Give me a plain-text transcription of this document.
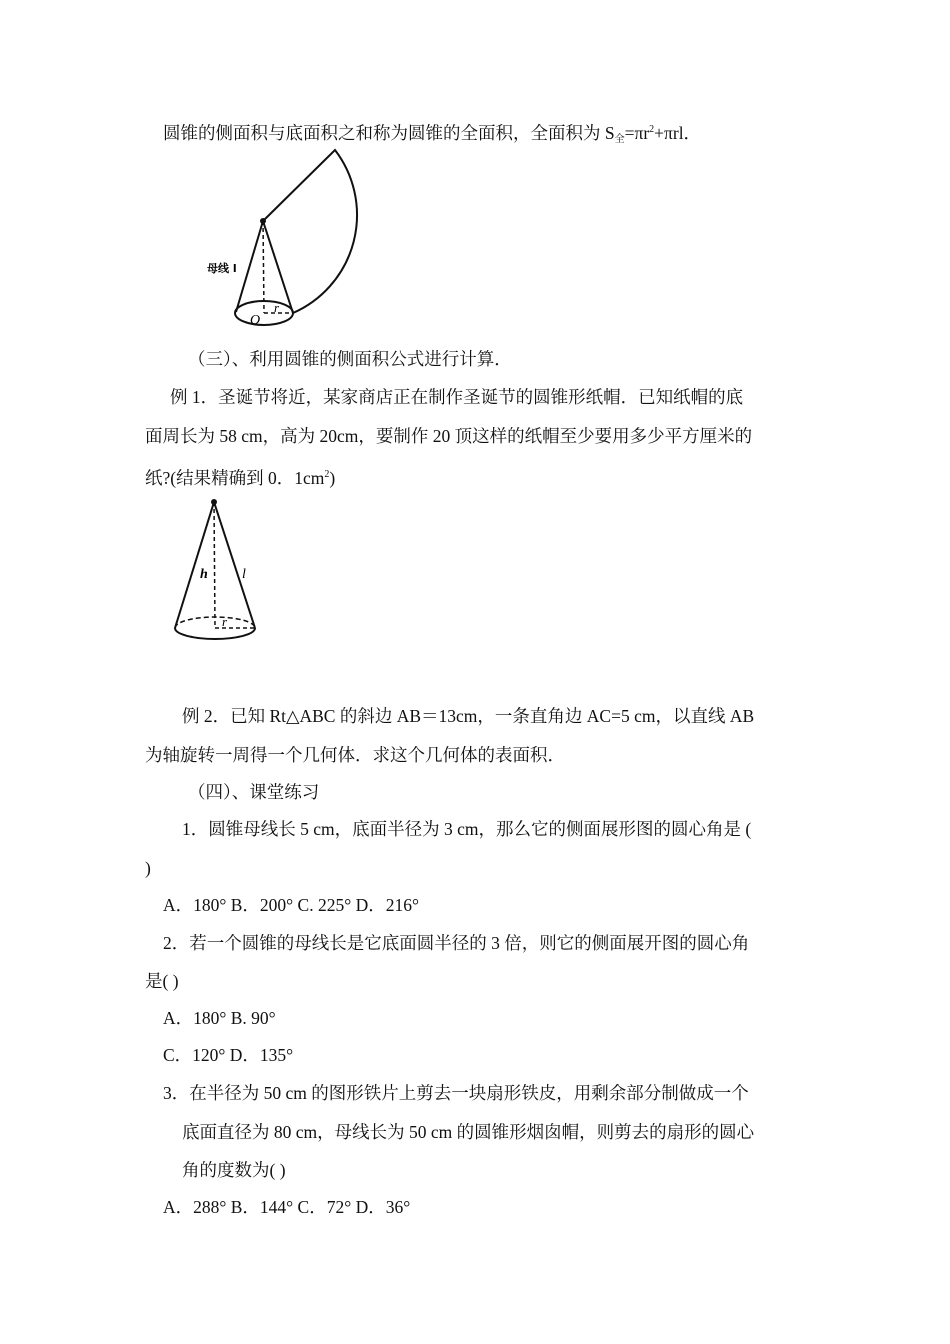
圆锥的侧面积与底面积之和称为圆锥的全面积，全面积为 $S_全=\pi r^2+\pi rl$．
母线 l
O
r
（三）、利用圆锥的侧面积公式进行计算．
例 1．圣诞节将近，某家商店正在制作圣诞节的圆锥形纸帽．已知纸帽的底
面周长为 58 cm，高为 20cm，要制作 20 顶这样的纸帽至少要用多少平方厘米的
纸?(结果精确到 0．$1cm^2$)
h l
r
例 2．已知 Rt△ABC 的斜边 AB＝13cm，一条直角边 AC=5 cm，以直线 AB
为轴旋转一周得一个几何体．求这个几何体的表面积．
（四）、课堂练习
1．圆锥母线长 5 cm，底面半径为 3 cm，那么它的侧面展形图的圆心角是 (
)
A．180° B．200° C. 225° D．216°
2．若一个圆锥的母线长是它底面圆半径的 3 倍，则它的侧面展开图的圆心角
是( )
A．180° B. 90°
C．120° D．135°
3．在半径为 50 cm 的图形铁片上剪去一块扇形铁皮，用剩余部分制做成一个
底面直径为 80 cm，母线长为 50 cm 的圆锥形烟囱帽，则剪去的扇形的圆心
角的度数为( )
A．288° B．144° C．72° D．36°
